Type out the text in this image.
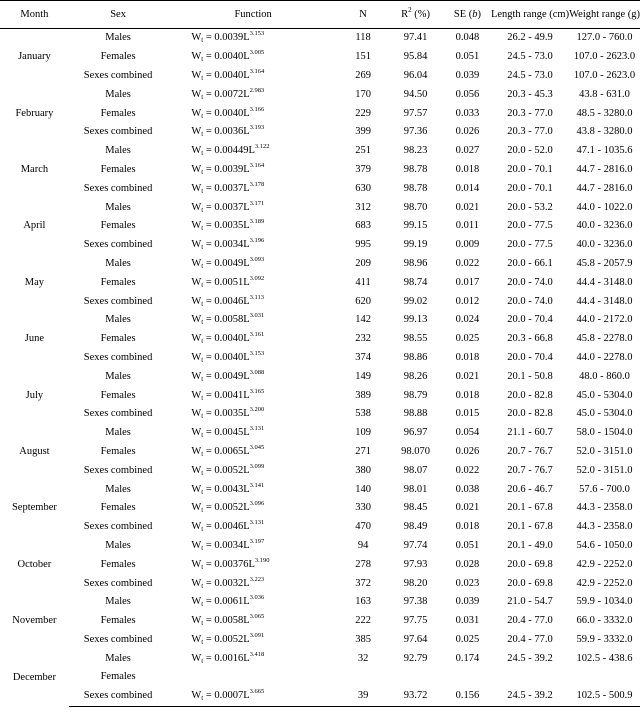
Month	Sex	Function	N	$R^2$ (%)	SE (b)	Length range (cm)	Weight range (g)
January	Males	$W_t = 0.0039L^{3.153}$	118	97.41	0.048	26.2 - 49.9	127.0 - 760.0
	Females	$W_t = 0.0040L^{3.005}$	151	95.84	0.051	24.5 - 73.0	107.0 - 2623.0
	Sexes combined	$W_t = 0.0040L^{3.164}$	269	96.04	0.039	24.5 - 73.0	107.0 - 2623.0
February	Males	$W_t = 0.0072L^{2.983}$	170	94.50	0.056	20.3 - 45.3	43.8 - 631.0
	Females	$W_t = 0.0040L^{3.166}$	229	97.57	0.033	20.3 - 77.0	48.5 - 3280.0
	Sexes combined	$W_t = 0.0036L^{3.193}$	399	97.36	0.026	20.3 - 77.0	43.8 - 3280.0
March	Males	$W_t = 0.00449L^{3.122}$	251	98.23	0.027	20.0 - 52.0	47.1 - 1035.6
	Females	$W_t = 0.0039L^{3.164}$	379	98.78	0.018	20.0 - 70.1	44.7 - 2816.0
	Sexes combined	$W_t = 0.0037L^{3.178}$	630	98.78	0.014	20.0 - 70.1	44.7 - 2816.0
April	Males	$W_t = 0.0037L^{3.171}$	312	98.70	0.021	20.0 - 53.2	44.0 - 1022.0
	Females	$W_t = 0.0035L^{3.189}$	683	99.15	0.011	20.0 - 77.5	40.0 - 3236.0
	Sexes combined	$W_t = 0.0034L^{3.196}$	995	99.19	0.009	20.0 - 77.5	40.0 - 3236.0
May	Males	$W_t = 0.0049L^{3.093}$	209	98.96	0.022	20.0 - 66.1	45.8 - 2057.9
	Females	$W_t = 0.0051L^{3.092}$	411	98.74	0.017	20.0 - 74.0	44.4 - 3148.0
	Sexes combined	$W_t = 0.0046L^{3.113}$	620	99.02	0.012	20.0 - 74.0	44.4 - 3148.0
June	Males	$W_t = 0.0058L^{3.031}$	142	99.13	0.024	20.0 - 70.4	44.0 - 2172.0
	Females	$W_t = 0.0040L^{3.161}$	232	98.55	0.025	20.3 - 66.8	45.8 - 2278.0
	Sexes combined	$W_t = 0.0040L^{3.153}$	374	98.86	0.018	20.0 - 70.4	44.0 - 2278.0
July	Males	$W_t = 0.0049L^{3.088}$	149	98.26	0.021	20.1 - 50.8	48.0 - 860.0
	Females	$W_t = 0.0041L^{3.165}$	389	98.79	0.018	20.0 - 82.8	45.0 - 5304.0
	Sexes combined	$W_t = 0.0035L^{3.200}$	538	98.88	0.015	20.0 - 82.8	45.0 - 5304.0
August	Males	$W_t = 0.0045L^{3.131}$	109	96.97	0.054	21.1 - 60.7	58.0 - 1504.0
	Females	$W_t = 0.0065L^{3.045}$	271	98.070	0.026	20.7 - 76.7	52.0 - 3151.0
	Sexes combined	$W_t = 0.0052L^{3.099}$	380	98.07	0.022	20.7 - 76.7	52.0 - 3151.0
September	Males	$W_t = 0.0043L^{3.141}$	140	98.01	0.038	20.6 - 46.7	57.6 - 700.0
	Females	$W_t = 0.0052L^{3.096}$	330	98.45	0.021	20.1 - 67.8	44.3 - 2358.0
	Sexes combined	$W_t = 0.0046L^{3.131}$	470	98.49	0.018	20.1 - 67.8	44.3 - 2358.0
October	Males	$W_t = 0.0034L^{3.197}$	94	97.74	0.051	20.1 - 49.0	54.6 - 1050.0
	Females	$W_t = 0.00376L^{3.190}$	278	97.93	0.028	20.0 - 69.8	42.9 - 2252.0
	Sexes combined	$W_t = 0.0032L^{3.223}$	372	98.20	0.023	20.0 - 69.8	42.9 - 2252.0
November	Males	$W_t = 0.0061L^{3.036}$	163	97.38	0.039	21.0 - 54.7	59.9 - 1034.0
	Females	$W_t = 0.0058L^{3.065}$	222	97.75	0.031	20.4 - 77.0	66.0 - 3332.0
	Sexes combined	$W_t = 0.0052L^{3.091}$	385	97.64	0.025	20.4 - 77.0	59.9 - 3332.0
December	Males	$W_t = 0.0016L^{3.418}$	32	92.79	0.174	24.5 - 39.2	102.5 - 438.6
	Females						
	Sexes combined	$W_t = 0.0007L^{3.665}$	39	93.72	0.156	24.5 - 39.2	102.5 - 500.9
